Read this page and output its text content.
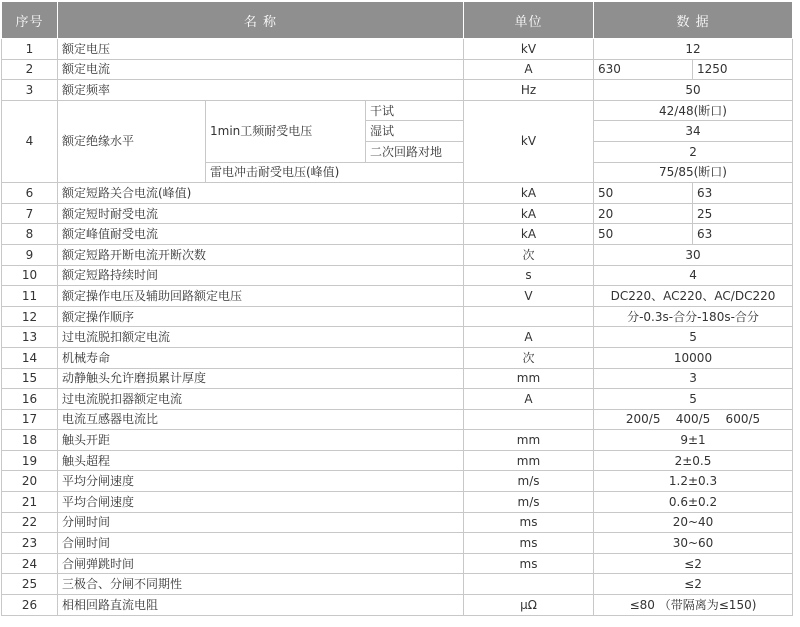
序号	名 称			单位	数 据	
1	额定电压			kV	12	
2	额定电流			A	630	1250
3	额定频率			Hz	50	
4	额定绝缘水平	1min工频耐受电压	干试	kV	42/48(断口)	
			湿试		34	
			二次回路对地		2	
		雷电冲击耐受电压(峰值)			75/85(断口)	
6	额定短路关合电流(峰值)			kA	50	63
7	额定短时耐受电流			kA	20	25
8	额定峰值耐受电流			kA	50	63
9	额定短路开断电流开断次数			次	30	
10	额定短路持续时间			s	4	
11	额定操作电压及辅助回路额定电压			V	DC220、AC220、AC/DC220	
12	额定操作顺序				分-0.3s-合分-180s-合分	
13	过电流脱扣额定电流			A	5	
14	机械寿命			次	10000	
15	动静触头允许磨损累计厚度			mm	3	
16	过电流脱扣器额定电流			A	5	
17	电流互感器电流比				200/5    400/5    600/5	
18	触头开距			mm	9±1	
19	触头超程			mm	2±0.5	
20	平均分闸速度			m/s	1.2±0.3	
21	平均合闸速度			m/s	0.6±0.2	
22	分闸时间			ms	20~40	
23	合闸时间			ms	30~60	
24	合闸弹跳时间			ms	≤2	
25	三极合、分闸不同期性				≤2	
26	相相回路直流电阻			μΩ	≤80 （带隔离为≤150)	
